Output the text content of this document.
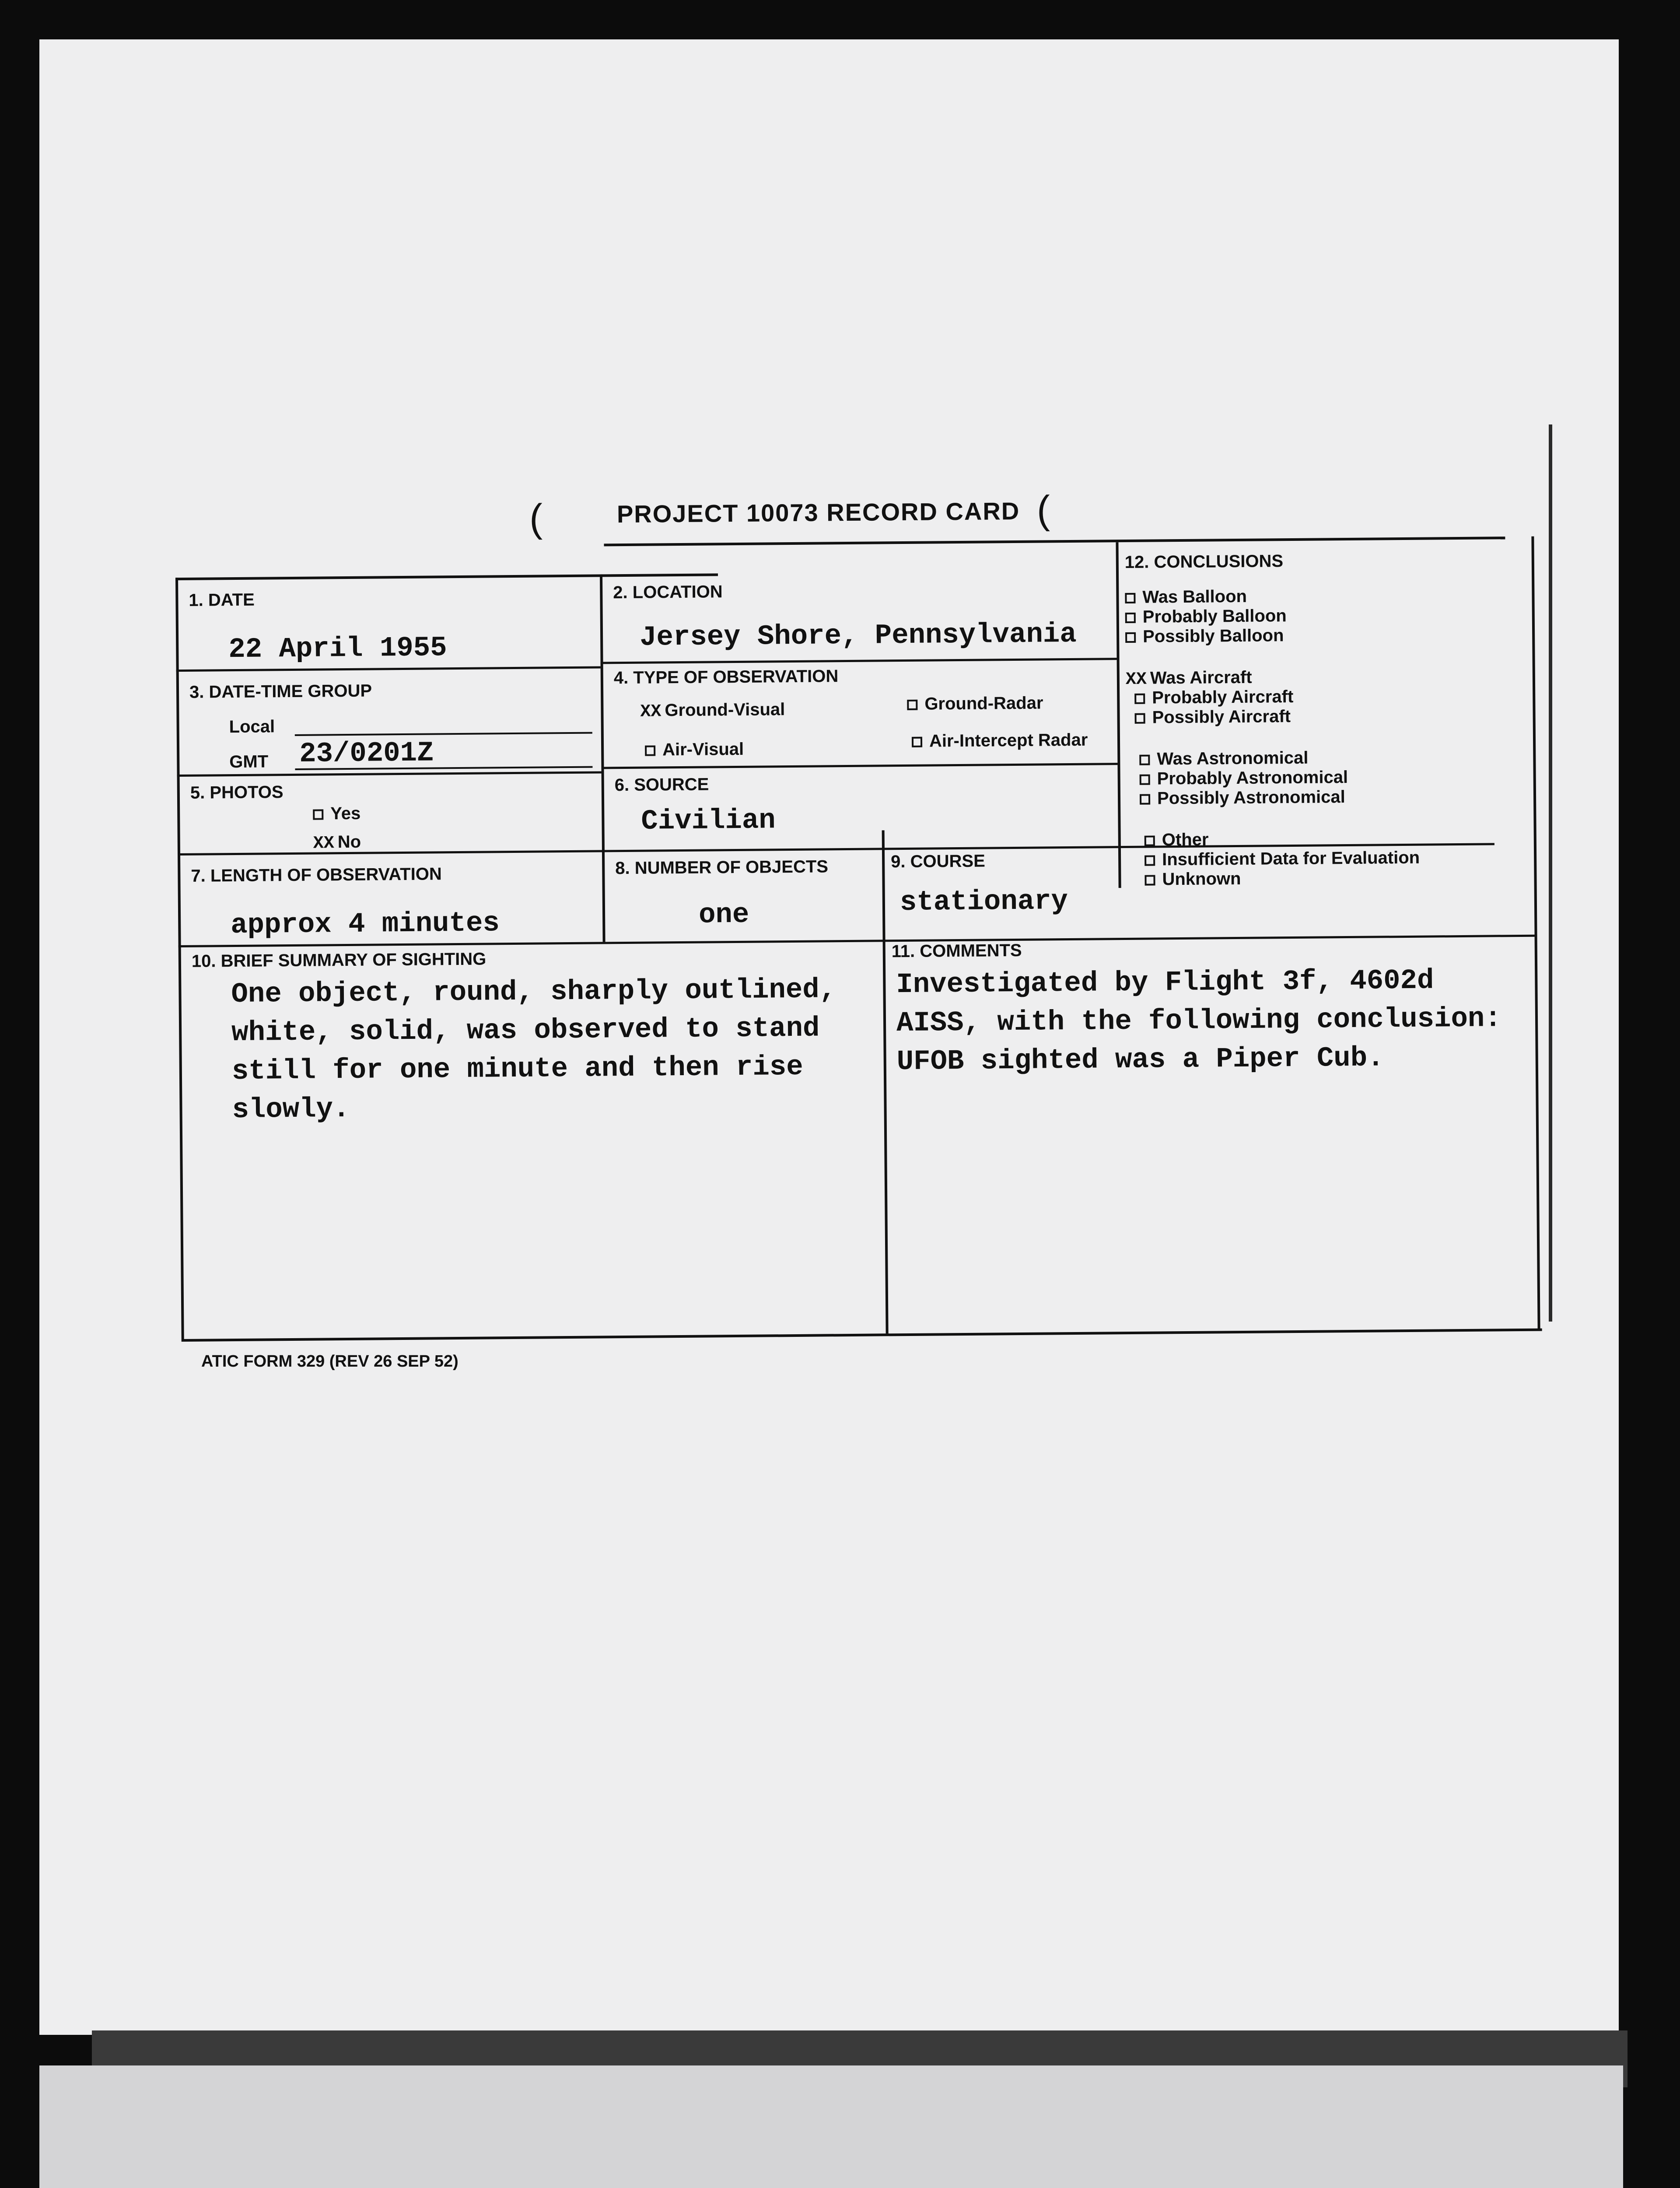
PROJECT 10073 RECORD CARD
(	(
1. DATE
22 April 1955
2. LOCATION
Jersey Shore, Pennsylvania
3. DATE-TIME GROUP
Local
GMT 23/0201Z
4. TYPE OF OBSERVATION
XX Ground-Visual	Ground-Radar
Air-Visual	Air-Intercept Radar
5. PHOTOS
Yes
XX No
6. SOURCE
Civilian
7. LENGTH OF OBSERVATION
approx 4 minutes
8. NUMBER OF OBJECTS
one
9. COURSE
stationary
10. BRIEF SUMMARY OF SIGHTING
One object, round, sharply outlined, white, solid, was observed to stand still for one minute and then rise slowly.
11. COMMENTS
Investigated by Flight 3f, 4602d AISS, with the following conclusion: UFOB sighted was a Piper Cub.
12. CONCLUSIONS
Was Balloon
Probably Balloon
Possibly Balloon
XX Was Aircraft
Probably Aircraft
Possibly Aircraft
Was Astronomical
Probably Astronomical
Possibly Astronomical
Other
Insufficient Data for Evaluation
Unknown
ATIC FORM 329 (REV 26 SEP 52)
